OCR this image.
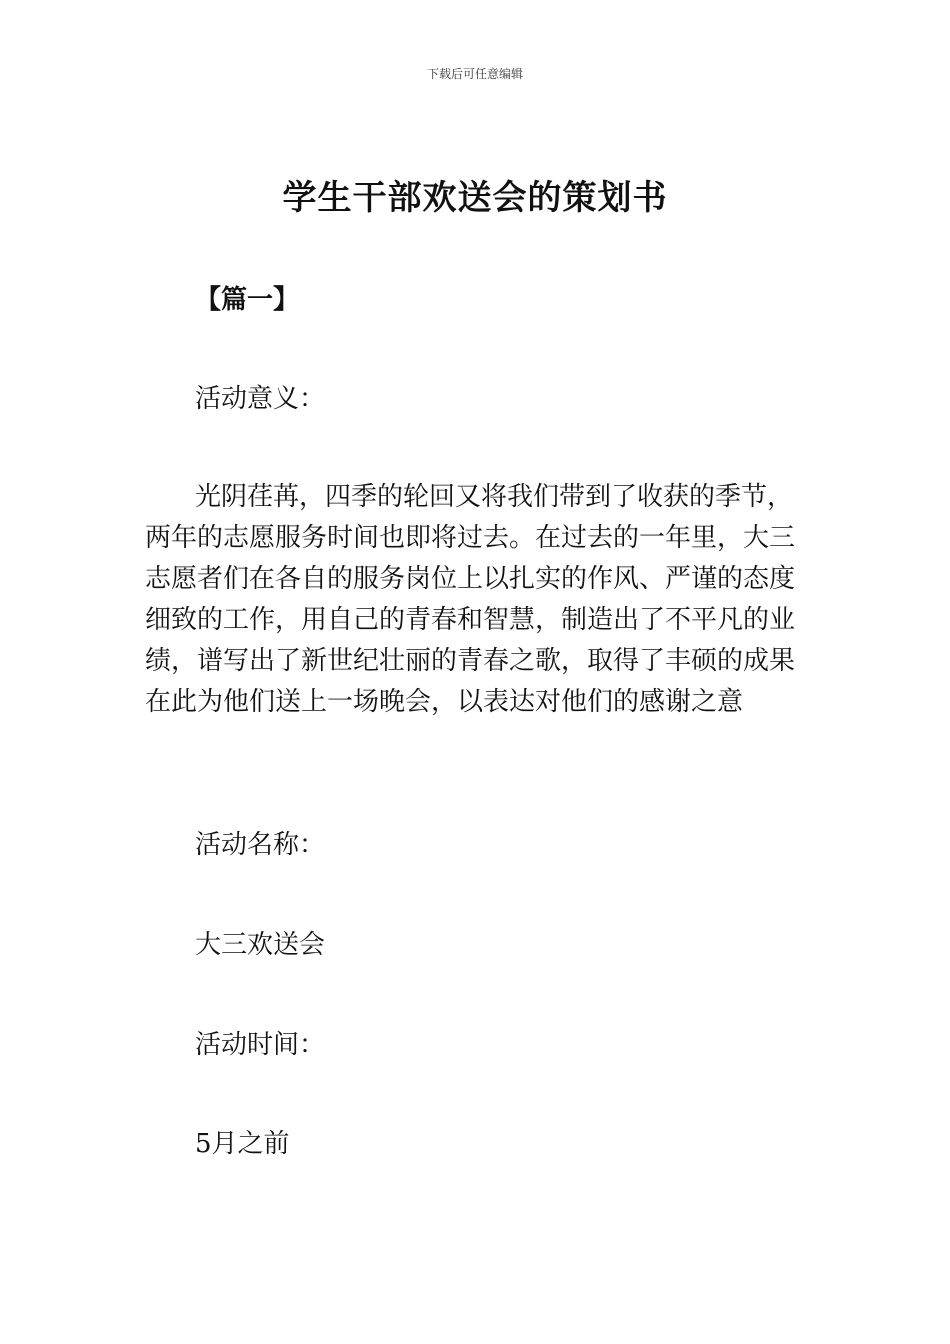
下载后可任意编辑
学生干部欢送会的策划书

【篇一】

活动意义：

光阴荏苒，四季的轮回又将我们带到了收获的季节，
两年的志愿服务时间也即将过去。在过去的一年里，大三
志愿者们在各自的服务岗位上以扎实的作风、严谨的态度
细致的工作，用自己的青春和智慧，制造出了不平凡的业
绩，谱写出了新世纪壮丽的青春之歌，取得了丰硕的成果
在此为他们送上一场晚会，以表达对他们的感谢之意

活动名称：

大三欢送会

活动时间：

5月之前
